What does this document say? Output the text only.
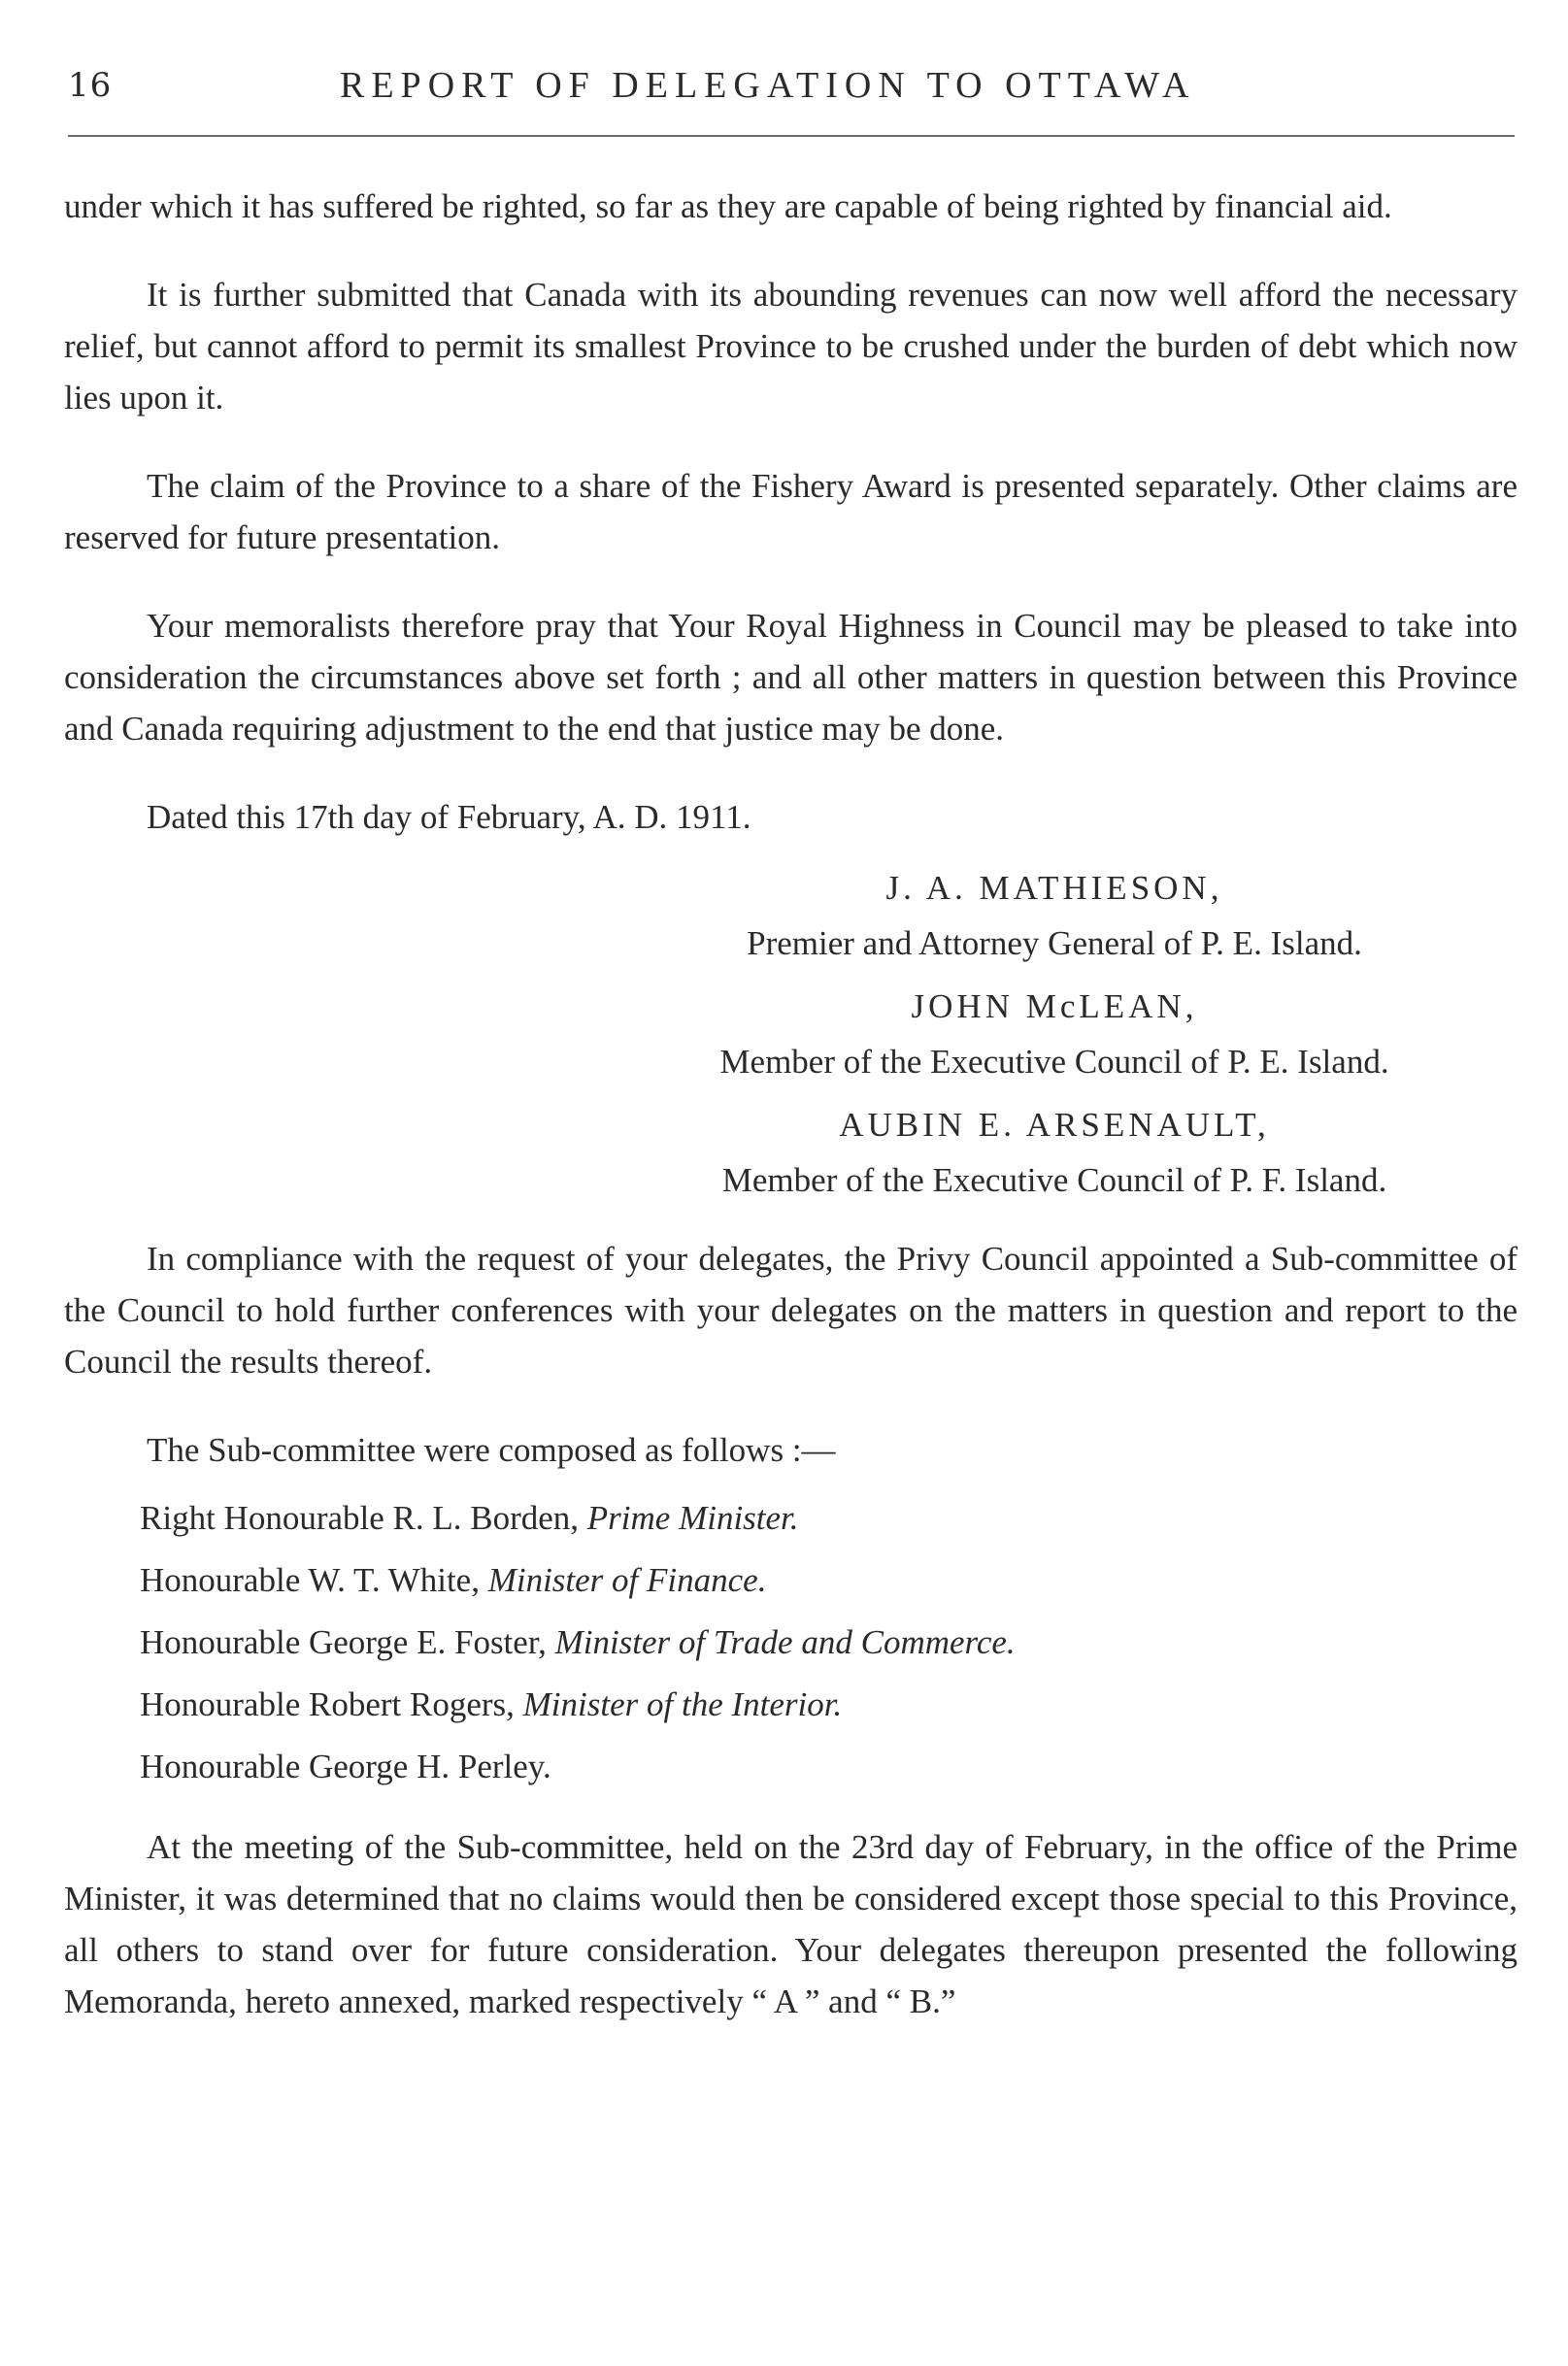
16	REPORT OF DELEGATION TO OTTAWA

under which it has suffered be righted, so far as they are capable of being righted by financial aid.

It is further submitted that Canada with its abounding revenues can now well afford the necessary relief, but cannot afford to permit its smallest Province to be crushed under the burden of debt which now lies upon it.

The claim of the Province to a share of the Fishery Award is presented separately. Other claims are reserved for future presentation.

Your memoralists therefore pray that Your Royal Highness in Council may be pleased to take into consideration the circumstances above set forth ; and all other matters in question between this Province and Canada requiring adjustment to the end that justice may be done.

Dated this 17th day of February, A. D. 1911.

J. A. MATHIESON,
Premier and Attorney General of P. E. Island.
JOHN McLEAN,
Member of the Executive Council of P. E. Island.
AUBIN E. ARSENAULT,
Member of the Executive Council of P. F. Island.

In compliance with the request of your delegates, the Privy Council appointed a Sub-committee of the Council to hold further conferences with your delegates on the matters in question and report to the Council the results thereof.

The Sub-committee were composed as follows :—

Right Honourable R. L. Borden, Prime Minister.

Honourable W. T. White, Minister of Finance.

Honourable George E. Foster, Minister of Trade and Commerce.

Honourable Robert Rogers, Minister of the Interior.

Honourable George H. Perley.

At the meeting of the Sub-committee, held on the 23rd day of February, in the office of the Prime Minister, it was determined that no claims would then be considered except those special to this Province, all others to stand over for future consideration. Your delegates thereupon presented the following Memoranda, hereto annexed, marked respectively “ A ” and “ B.”
